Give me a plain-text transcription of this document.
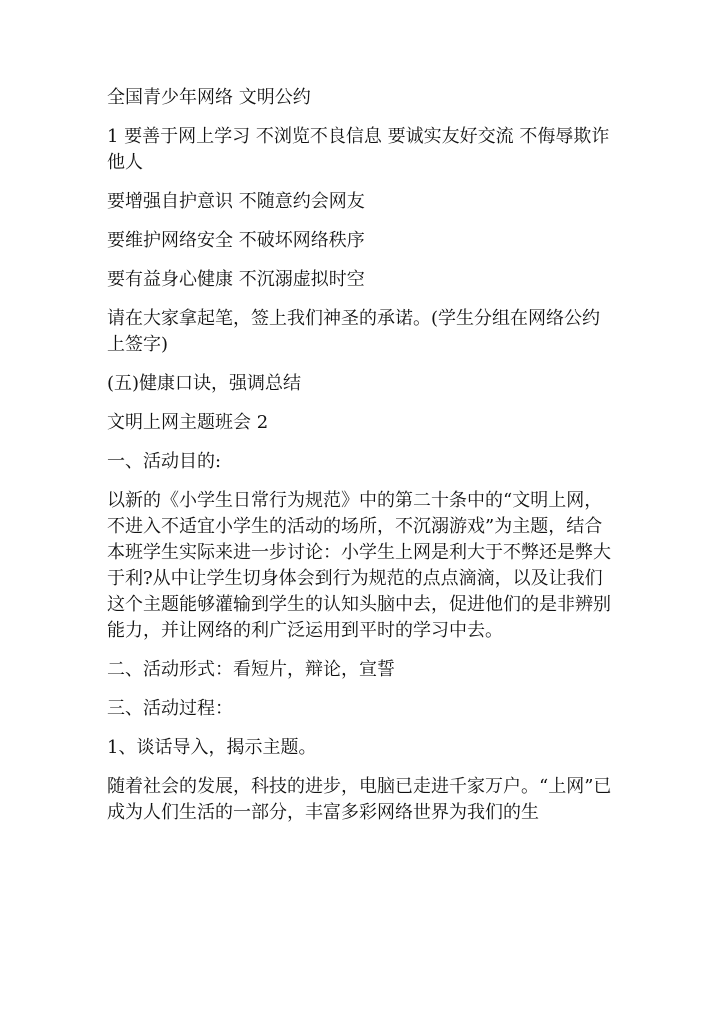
全国青少年网络 文明公约

1 要善于网上学习 不浏览不良信息 要诚实友好交流 不侮辱欺诈他人

要增强自护意识 不随意约会网友

要维护网络安全 不破坏网络秩序

要有益身心健康 不沉溺虚拟时空

请在大家拿起笔，签上我们神圣的承诺。(学生分组在网络公约上签字)

(五)健康口诀，强调总结

文明上网主题班会 2

一、活动目的:

以新的《小学生日常行为规范》中的第二十条中的“文明上网，不进入不适宜小学生的活动的场所，不沉溺游戏”为主题，结合本班学生实际来进一步讨论：小学生上网是利大于不弊还是弊大于利?从中让学生切身体会到行为规范的点点滴滴，以及让我们这个主题能够灌输到学生的认知头脑中去，促进他们的是非辨别能力，并让网络的利广泛运用到平时的学习中去。

二、活动形式：看短片，辩论，宣誓

三、活动过程：

1、谈话导入，揭示主题。

随着社会的发展，科技的进步，电脑已走进千家万户。“上网”已成为人们生活的一部分，丰富多彩网络世界为我们的生
